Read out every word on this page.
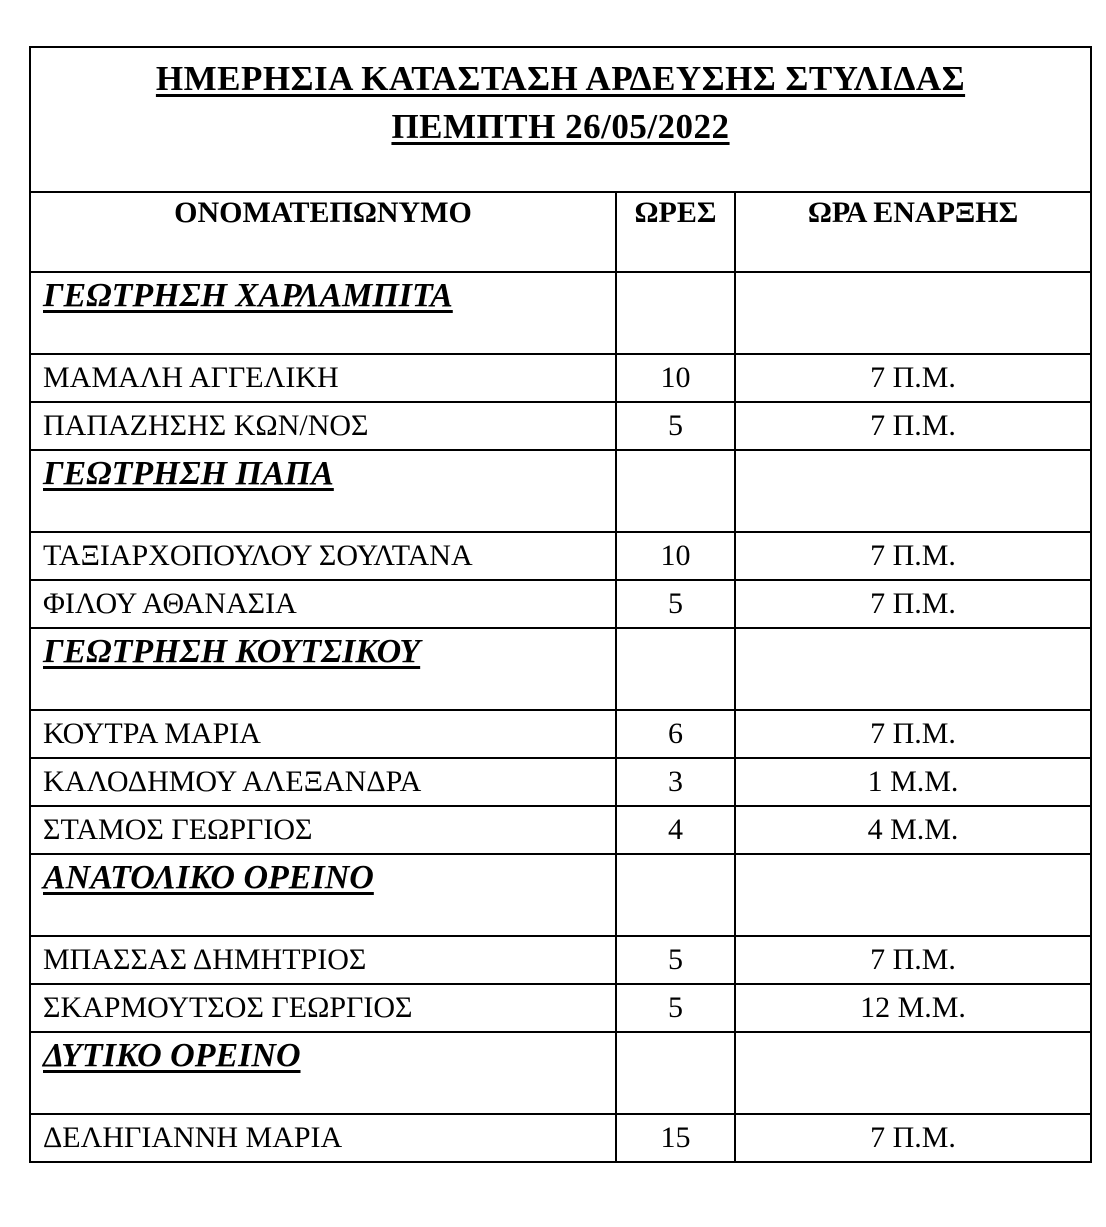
ΗΜΕΡΗΣΙΑ ΚΑΤΑΣΤΑΣΗ ΑΡΔΕΥΣΗΣ ΣΤΥΛΙΔΑΣ
ΠΕΜΠΤΗ 26/05/2022		

ΟΝΟΜΑΤΕΠΩΝΥΜΟ	ΩΡΕΣ	ΩΡΑ ΕΝΑΡΞΗΣ
ΓΕΩΤΡΗΣΗ ΧΑΡΛΑΜΠΙΤΑ		
ΜΑΜΑΛΗ ΑΓΓΕΛΙΚΗ	10	7 Π.Μ.
ΠΑΠΑΖΗΣΗΣ ΚΩΝ/ΝΟΣ	5	7 Π.Μ.
ΓΕΩΤΡΗΣΗ ΠΑΠΑ		
ΤΑΞΙΑΡΧΟΠΟΥΛΟΥ ΣΟΥΛΤΑΝΑ	10	7 Π.Μ.
ΦΙΛΟΥ ΑΘΑΝΑΣΙΑ	5	7 Π.Μ.
ΓΕΩΤΡΗΣΗ ΚΟΥΤΣΙΚΟΥ		
ΚΟΥΤΡΑ ΜΑΡΙΑ	6	7 Π.Μ.
ΚΑΛΟΔΗΜΟΥ ΑΛΕΞΑΝΔΡΑ	3	1 Μ.Μ.
ΣΤΑΜΟΣ ΓΕΩΡΓΙΟΣ	4	4 Μ.Μ.
ΑΝΑΤΟΛΙΚΟ ΟΡΕΙΝΟ		
ΜΠΑΣΣΑΣ ΔΗΜΗΤΡΙΟΣ	5	7 Π.Μ.
ΣΚΑΡΜΟΥΤΣΟΣ ΓΕΩΡΓΙΟΣ	5	12 Μ.Μ.
ΔΥΤΙΚΟ ΟΡΕΙΝΟ		
ΔΕΛΗΓΙΑΝΝΗ ΜΑΡΙΑ	15	7 Π.Μ.
